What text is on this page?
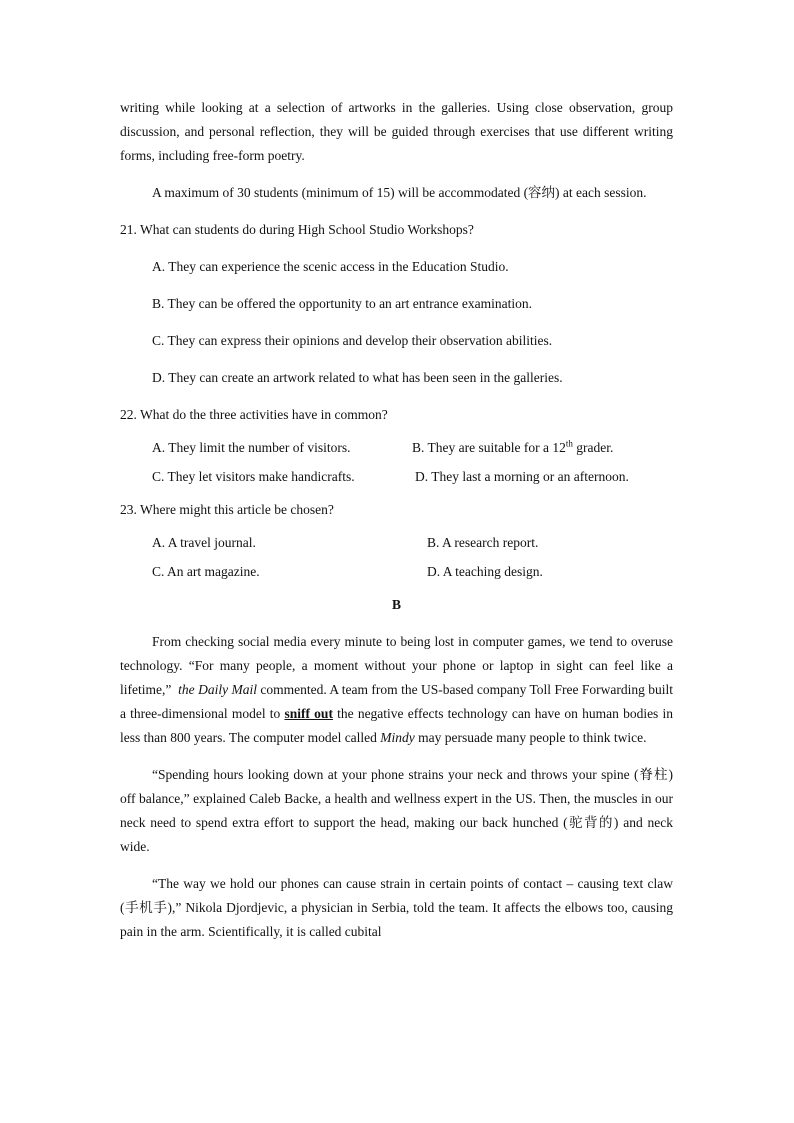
writing while looking at a selection of artworks in the galleries. Using close observation, group discussion, and personal reflection, they will be guided through exercises that use different writing forms, including free-form poetry.

A maximum of 30 students (minimum of 15) will be accommodated (容纳) at each session.

21. What can students do during High School Studio Workshops?

A. They can experience the scenic access in the Education Studio.

B. They can be offered the opportunity to an art entrance examination.

C. They can express their opinions and develop their observation abilities.

D. They can create an artwork related to what has been seen in the galleries.

22. What do the three activities have in common?

A. They limit the number of visitors.	B. They are suitable for a 12th grader.
C. They let visitors make handicrafts.	D. They last a morning or an afternoon.

23. Where might this article be chosen?

A. A travel journal.	B. A research report.
C. An art magazine.	D. A teaching design.

B

From checking social media every minute to being lost in computer games, we tend to overuse technology. “For many people, a moment without your phone or laptop in sight can feel like a lifetime,” the Daily Mail commented. A team from the US-based company Toll Free Forwarding built a three-dimensional model to sniff out the negative effects technology can have on human bodies in less than 800 years. The computer model called Mindy may persuade many people to think twice.

“Spending hours looking down at your phone strains your neck and throws your spine (脊柱) off balance,” explained Caleb Backe, a health and wellness expert in the US. Then, the muscles in our neck need to spend extra effort to support the head, making our back hunched (驼背的) and neck wide.

“The way we hold our phones can cause strain in certain points of contact – causing text claw (手机手),” Nikola Djordjevic, a physician in Serbia, told the team. It affects the elbows too, causing pain in the arm. Scientifically, it is called cubital
